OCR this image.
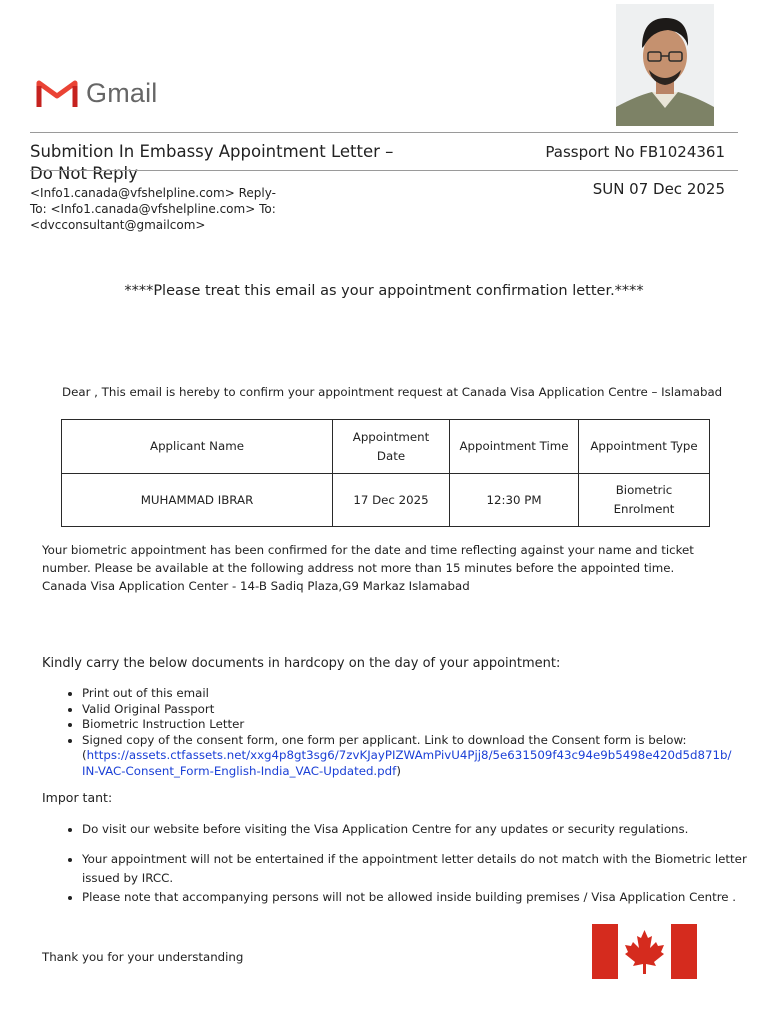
Gmail
Submition In Embassy Appointment Letter – Do Not Reply
Passport No FB1024361
SUN 07 Dec 2025
<Info1.canada@vfshelpline.com> Reply-To: <Info1.canada@vfshelpline.com> To: <dvcconsultant@gmailcom>
****Please treat this email as your appointment confirmation letter.****
Dear , This email is hereby to confirm your appointment request at Canada Visa Application Centre – Islamabad
Applicant Name	Appointment Date	Appointment Time	Appointment Type
MUHAMMAD IBRAR	17 Dec 2025	12:30 PM	Biometric Enrolment
Your biometric appointment has been confirmed for the date and time reflecting against your name and ticket number. Please be available at the following address not more than 15 minutes before the appointed time.
Canada Visa Application Center - 14-B Sadiq Plaza,G9 Markaz Islamabad
Kindly carry the below documents in hardcopy on the day of your appointment:
• Print out of this email
• Valid Original Passport
• Biometric Instruction Letter
• Signed copy of the consent form, one form per applicant. Link to download the Consent form is below:
(https://assets.ctfassets.net/xxg4p8gt3sg6/7zvKJayPIZWAmPivU4Pjj8/5e631509f43c94e9b5498e420d5d871b/IN-VAC-Consent_Form-English-India_VAC-Updated.pdf)
Impor tant:
• Do visit our website before visiting the Visa Application Centre for any updates or security regulations.
• Your appointment will not be entertained if the appointment letter details do not match with the Biometric letter issued by IRCC.
• Please note that accompanying persons will not be allowed inside building premises / Visa Application Centre .
Thank you for your understanding
